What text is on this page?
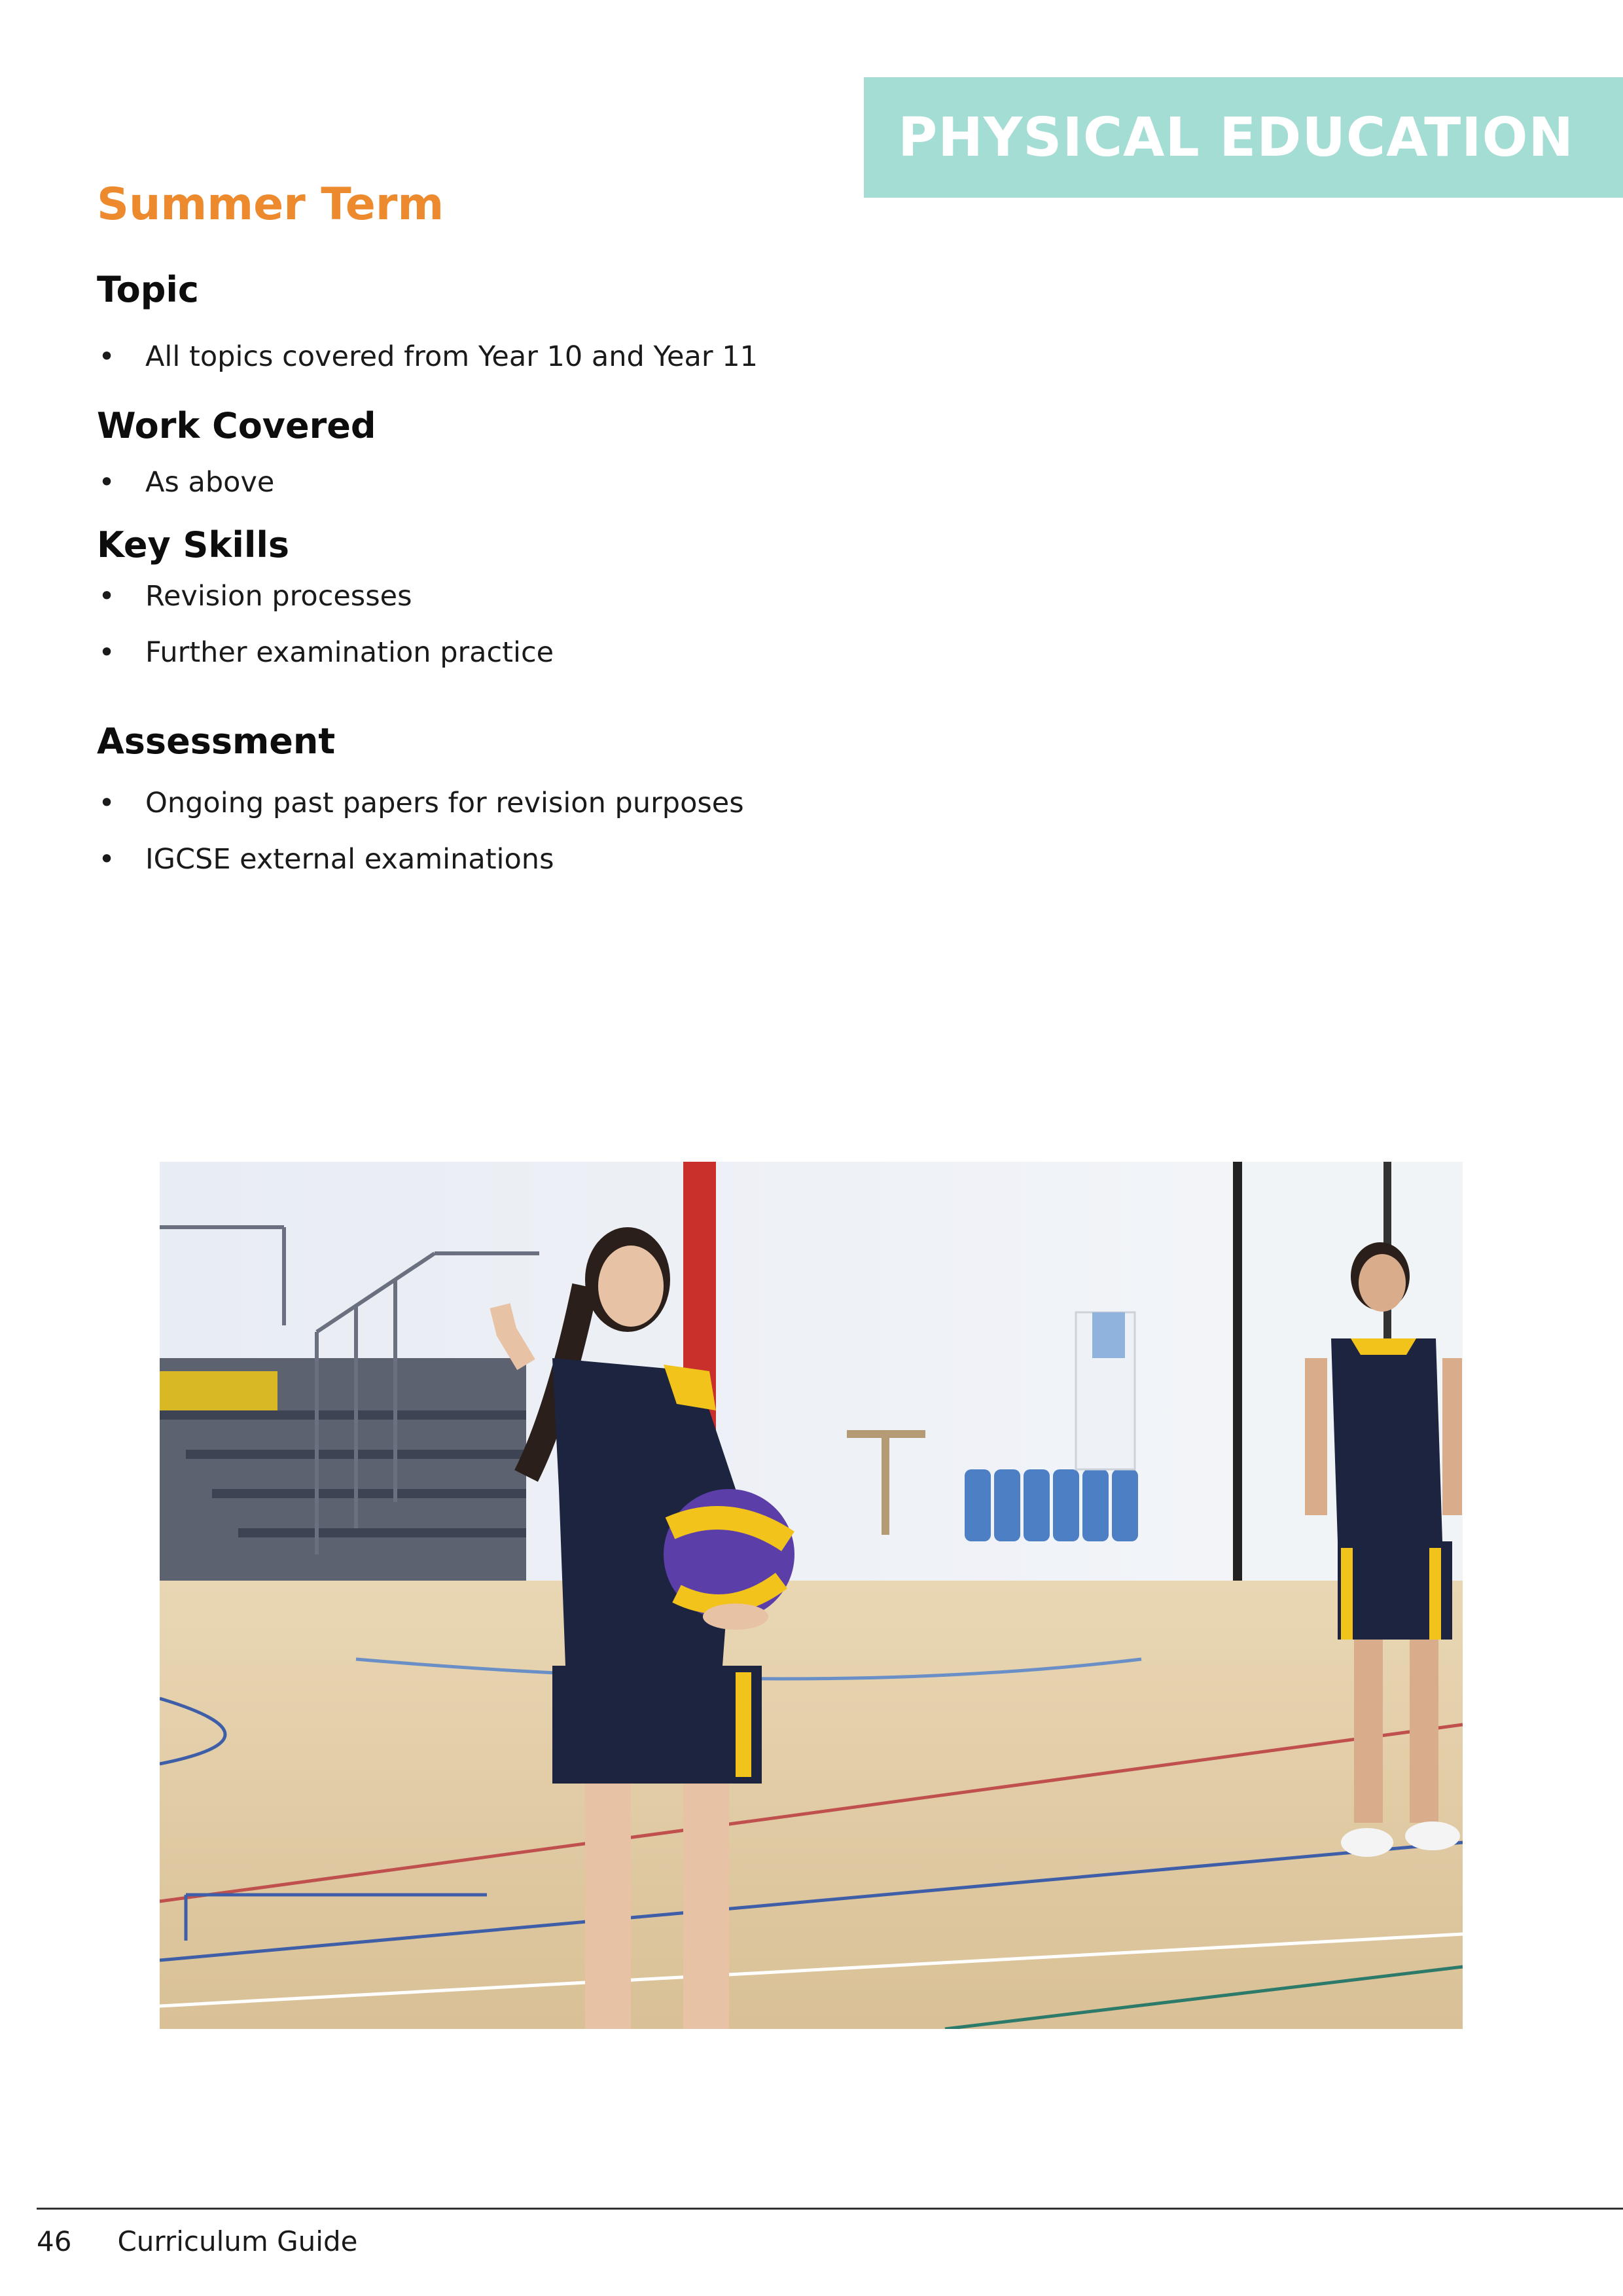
PHYSICAL EDUCATION
Summer Term
Topic
• All topics covered from Year 10 and Year 11
Work Covered
• As above
Key Skills
• Revision processes
• Further examination practice
Assessment
• Ongoing past papers for revision purposes
• IGCSE external examinations
46 Curriculum Guide
